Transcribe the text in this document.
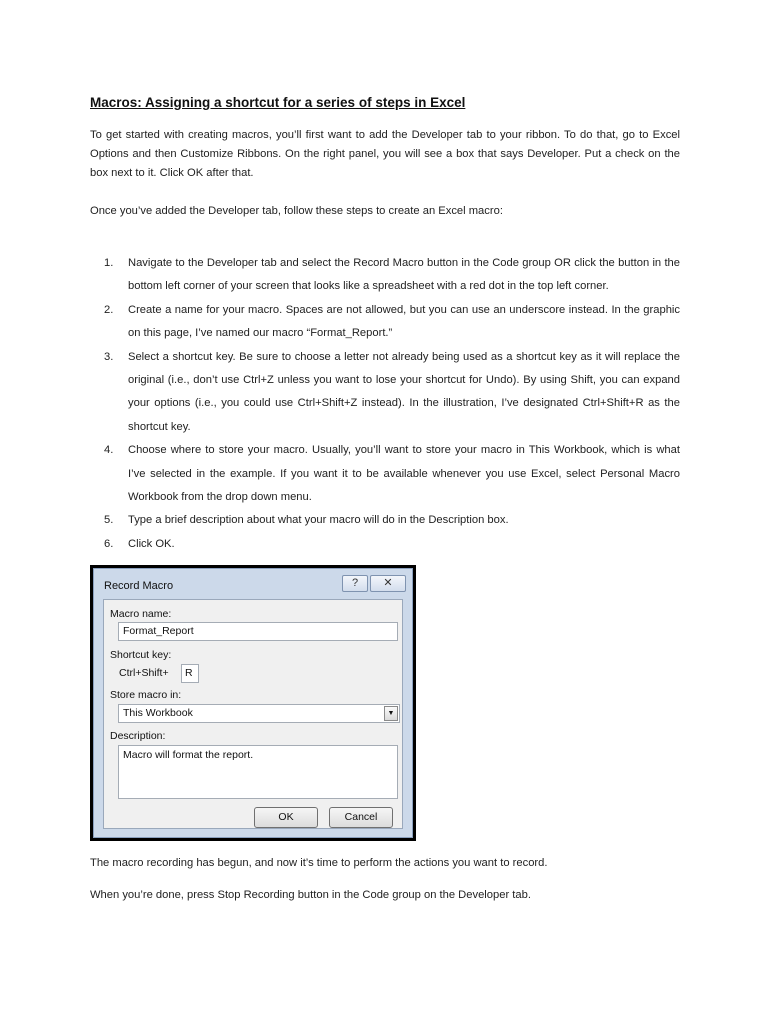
Macros: Assigning a shortcut for a series of steps in Excel
To get started with creating macros, you’ll first want to add the Developer tab to your ribbon. To do that, go to Excel Options and then Customize Ribbons. On the right panel, you will see a box that says Developer. Put a check on the box next to it. Click OK after that.
Once you’ve added the Developer tab, follow these steps to create an Excel macro:
1.	Navigate to the Developer tab and select the Record Macro button in the Code group OR click the button in the bottom left corner of your screen that looks like a spreadsheet with a red dot in the top left corner.
2.	Create a name for your macro. Spaces are not allowed, but you can use an underscore instead. In the graphic on this page, I’ve named our macro “Format_Report.”
3.	Select a shortcut key. Be sure to choose a letter not already being used as a shortcut key as it will replace the original (i.e., don’t use Ctrl+Z unless you want to lose your shortcut for Undo). By using Shift, you can expand your options (i.e., you could use Ctrl+Shift+Z instead). In the illustration, I’ve designated Ctrl+Shift+R as the shortcut key.
4.	Choose where to store your macro. Usually, you’ll want to store your macro in This Workbook, which is what I’ve selected in the example. If you want it to be available whenever you use Excel, select Personal Macro Workbook from the drop down menu.
5.	Type a brief description about what your macro will do in the Description box.
6.	Click OK.
Record Macro	?	✕
Macro name:
Format_Report
Shortcut key:
Ctrl+Shift+	R
Store macro in:
This Workbook	▼
Description:
Macro will format the report.
OK	Cancel
The macro recording has begun, and now it’s time to perform the actions you want to record.
When you’re done, press Stop Recording button in the Code group on the Developer tab.
